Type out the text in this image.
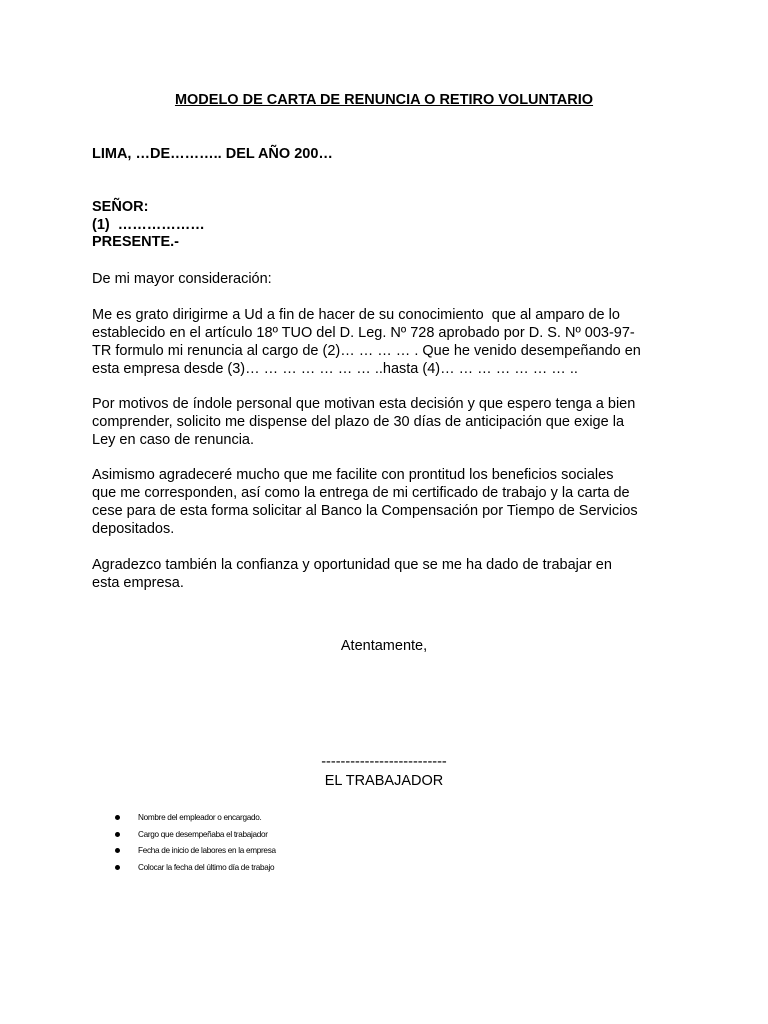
MODELO DE CARTA DE RENUNCIA O RETIRO VOLUNTARIO
LIMA, …DE……….. DEL AÑO 200…
SEÑOR:
(1)  ………………
PRESENTE.-
De mi mayor consideración:
Me es grato dirigirme a Ud a fin de hacer de su conocimiento  que al amparo de lo
establecido en el artículo 18º TUO del D. Leg. Nº 728 aprobado por D. S. Nº 003-97-
TR formulo mi renuncia al cargo de (2)… … … … . Que he venido desempeñando en
esta empresa desde (3)… … … … … … … ..hasta (4)… … … … … … … ..
Por motivos de índole personal que motivan esta decisión y que espero tenga a bien
comprender, solicito me dispense del plazo de 30 días de anticipación que exige la
Ley en caso de renuncia.
Asimismo agradeceré mucho que me facilite con prontitud los beneficios sociales
que me corresponden, así como la entrega de mi certificado de trabajo y la carta de
cese para de esta forma solicitar al Banco la Compensación por Tiempo de Servicios
depositados.
Agradezco también la confianza y oportunidad que se me ha dado de trabajar en
esta empresa.
Atentamente,
--------------------------
EL TRABAJADOR
Nombre del empleador o encargado.
Cargo que desempeñaba el trabajador
Fecha de inicio de labores en la empresa
Colocar la fecha del último día de trabajo
